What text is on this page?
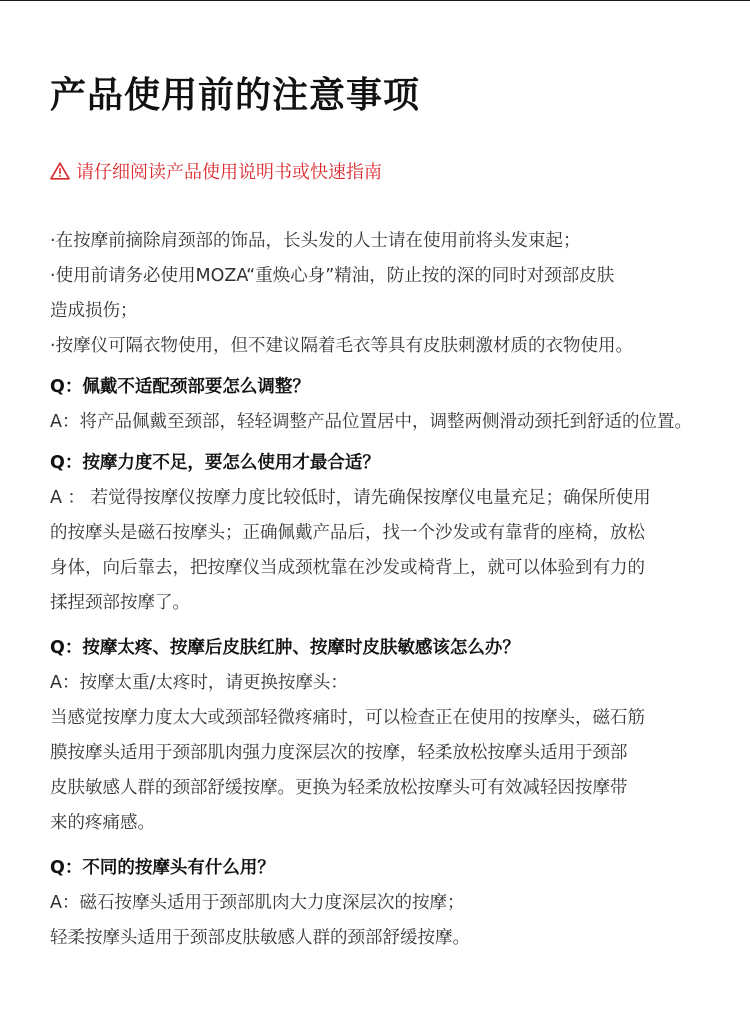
产品使用前的注意事项
请仔细阅读产品使用说明书或快速指南
·在按摩前摘除肩颈部的饰品，长头发的人士请在使用前将头发束起；
·使用前请务必使用MOZA“重焕心身”精油，防止按的深的同时对颈部皮肤
造成损伤；
·按摩仪可隔衣物使用，但不建议隔着毛衣等具有皮肤刺激材质的衣物使用。
Q：佩戴不适配颈部要怎么调整？
A：将产品佩戴至颈部，轻轻调整产品位置居中，调整两侧滑动颈托到舒适的位置。
Q：按摩力度不足，要怎么使用才最合适？
A ： 若觉得按摩仪按摩力度比较低时，请先确保按摩仪电量充足；确保所使用
的按摩头是磁石按摩头；正确佩戴产品后，找一个沙发或有靠背的座椅，放松
身体，向后靠去，把按摩仪当成颈枕靠在沙发或椅背上，就可以体验到有力的
揉捏颈部按摩了。
Q：按摩太疼、按摩后皮肤红肿、按摩时皮肤敏感该怎么办？
A：按摩太重/太疼时，请更换按摩头：
当感觉按摩力度太大或颈部轻微疼痛时，可以检查正在使用的按摩头，磁石筋
膜按摩头适用于颈部肌肉强力度深层次的按摩，轻柔放松按摩头适用于颈部
皮肤敏感人群的颈部舒缓按摩。更换为轻柔放松按摩头可有效减轻因按摩带
来的疼痛感。
Q：不同的按摩头有什么用？
A：磁石按摩头适用于颈部肌肉大力度深层次的按摩；
轻柔按摩头适用于颈部皮肤敏感人群的颈部舒缓按摩。
